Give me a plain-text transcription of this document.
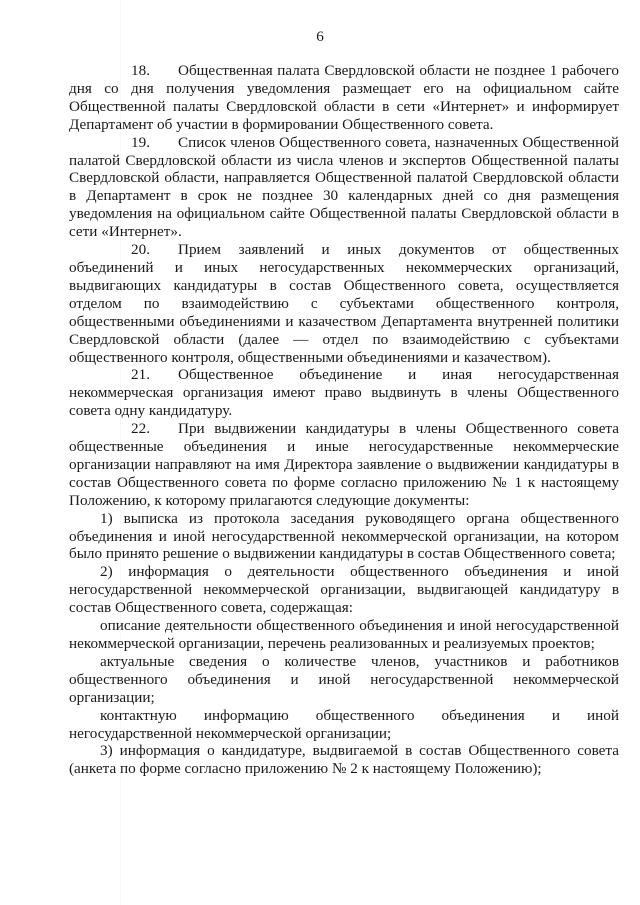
6

18. Общественная палата Свердловской области не позднее 1 рабочего дня со дня получения уведомления размещает его на официальном сайте Общественной палаты Свердловской области в сети «Интернет» и информирует Департамент об участии в формировании Общественного совета.

19. Список членов Общественного совета, назначенных Общественной палатой Свердловской области из числа членов и экспертов Общественной палаты Свердловской области, направляется Общественной палатой Свердловской области в Департамент в срок не позднее 30 календарных дней со дня размещения уведомления на официальном сайте Общественной палаты Свердловской области в сети «Интернет».

20. Прием заявлений и иных документов от общественных объединений и иных негосударственных некоммерческих организаций, выдвигающих кандидатуры в состав Общественного совета, осуществляется отделом по взаимодействию с субъектами общественного контроля, общественными объединениями и казачеством Департамента внутренней политики Свердловской области (далее — отдел по взаимодействию с субъектами общественного контроля, общественными объединениями и казачеством).

21. Общественное объединение и иная негосударственная некоммерческая организация имеют право выдвинуть в члены Общественного совета одну кандидатуру.

22. При выдвижении кандидатуры в члены Общественного совета общественные объединения и иные негосударственные некоммерческие организации направляют на имя Директора заявление о выдвижении кандидатуры в состав Общественного совета по форме согласно приложению № 1 к настоящему Положению, к которому прилагаются следующие документы:

1) выписка из протокола заседания руководящего органа общественного объединения и иной негосударственной некоммерческой организации, на котором было принято решение о выдвижении кандидатуры в состав Общественного совета;

2) информация о деятельности общественного объединения и иной негосударственной некоммерческой организации, выдвигающей кандидатуру в состав Общественного совета, содержащая:

описание деятельности общественного объединения и иной негосударственной некоммерческой организации, перечень реализованных и реализуемых проектов;

актуальные сведения о количестве членов, участников и работников общественного объединения и иной негосударственной некоммерческой организации;

контактную информацию общественного объединения и иной негосударственной некоммерческой организации;

3) информация о кандидатуре, выдвигаемой в состав Общественного совета (анкета по форме согласно приложению № 2 к настоящему Положению);
